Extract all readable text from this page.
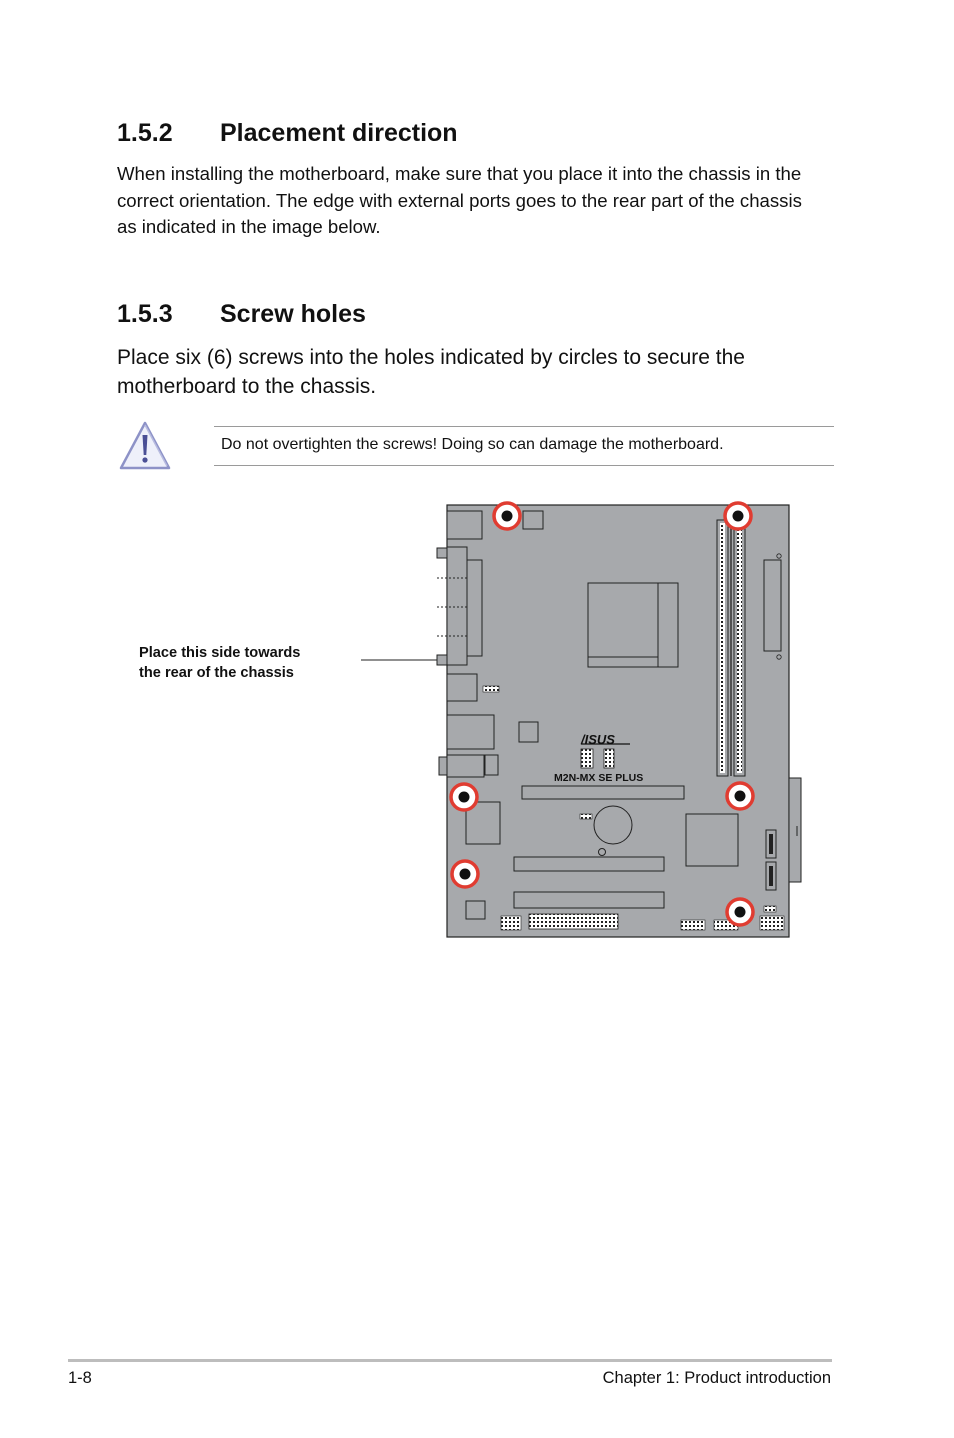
1.5.2 Placement direction
When installing the motherboard, make sure that you place it into the chassis in the correct orientation. The edge with external ports goes to the rear part of the chassis as indicated in the image below.
1.5.3 Screw holes
Place six (6) screws into the holes indicated by circles to secure the motherboard to the chassis.
Do not overtighten the screws! Doing so can damage the motherboard.
Place this side towards
the rear of the chassis
/ISUS
M2N-MX SE PLUS
1-8	Chapter 1: Product introduction
